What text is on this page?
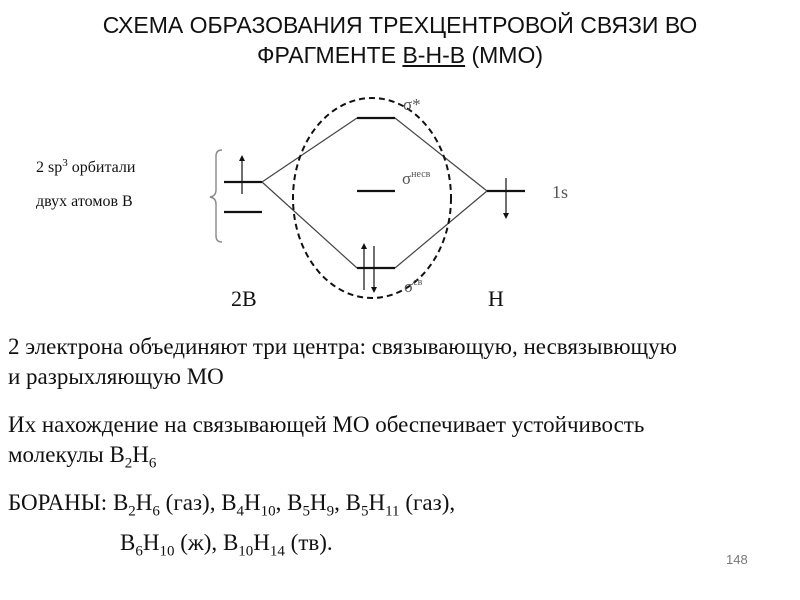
СХЕМА ОБРАЗОВАНИЯ ТРЕХЦЕНТРОВОЙ СВЯЗИ ВО
ФРАГМЕНТЕ В-Н-В (ММО)
2 $sp^3$ орбитали
двух атомов В
σ*
$\sigma^{несв}$
$\sigma^{св}$
1s
2В	Н
2 электрона объединяют три центра: связывающую, несвязывющую
и разрыхляющую МО
Их нахождение на связывающей МО обеспечивает устойчивость
молекулы $В_2Н_6$
БОРАНЫ: $В_2Н_6$ (газ), $В_4Н_{10}$, $В_5Н_9$, $В_5Н_{11}$ (газ),
$В_6Н_{10}$ (ж), $В_{10}Н_{14}$ (тв).
148
